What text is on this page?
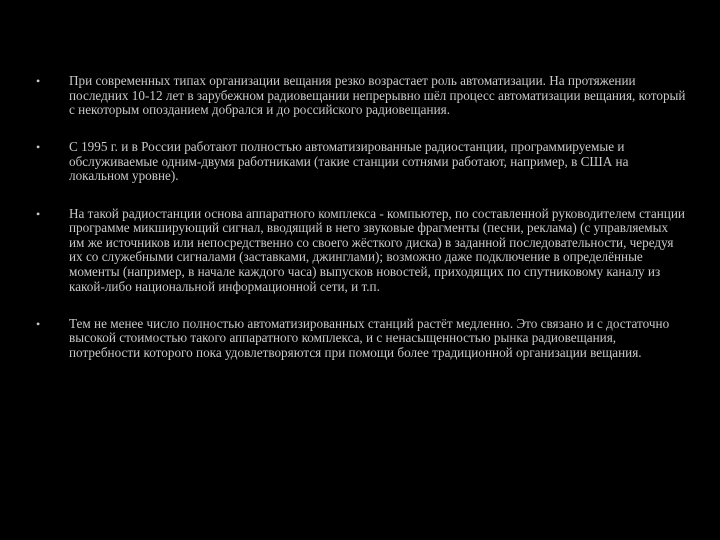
• При современных типах организации вещания резко возрастает роль автоматизации. На протяжении последних 10-12 лет в зарубежном радиовещании непрерывно шёл процесс автоматизации вещания, который с некоторым опозданием добрался и до российского радиовещания.
• С 1995 г. и в России работают полностью автоматизированные радиостанции, программируемые и обслуживаемые одним-двумя работниками (такие станции сотнями работают, например, в США на локальном уровне).
• На такой радиостанции основа аппаратного комплекса - компьютер, по составленной руководителем станции программе микширующий сигнал, вводящий в него звуковые фрагменты (песни, реклама) (с управляемых им же источников или непосредственно со своего жёсткого диска) в заданной последовательности, чередуя их со служебными сигналами (заставками, джинглами); возможно даже подключение в определённые моменты (например, в начале каждого часа) выпусков новостей, приходящих по спутниковому каналу из какой-либо национальной информационной сети, и т.п.
• Тем не менее число полностью автоматизированных станций растёт медленно. Это связано и с достаточно высокой стоимостью такого аппаратного комплекса, и с ненасыщенностью рынка радиовещания, потребности которого пока удовлетворяются при помощи более традиционной организации вещания.
